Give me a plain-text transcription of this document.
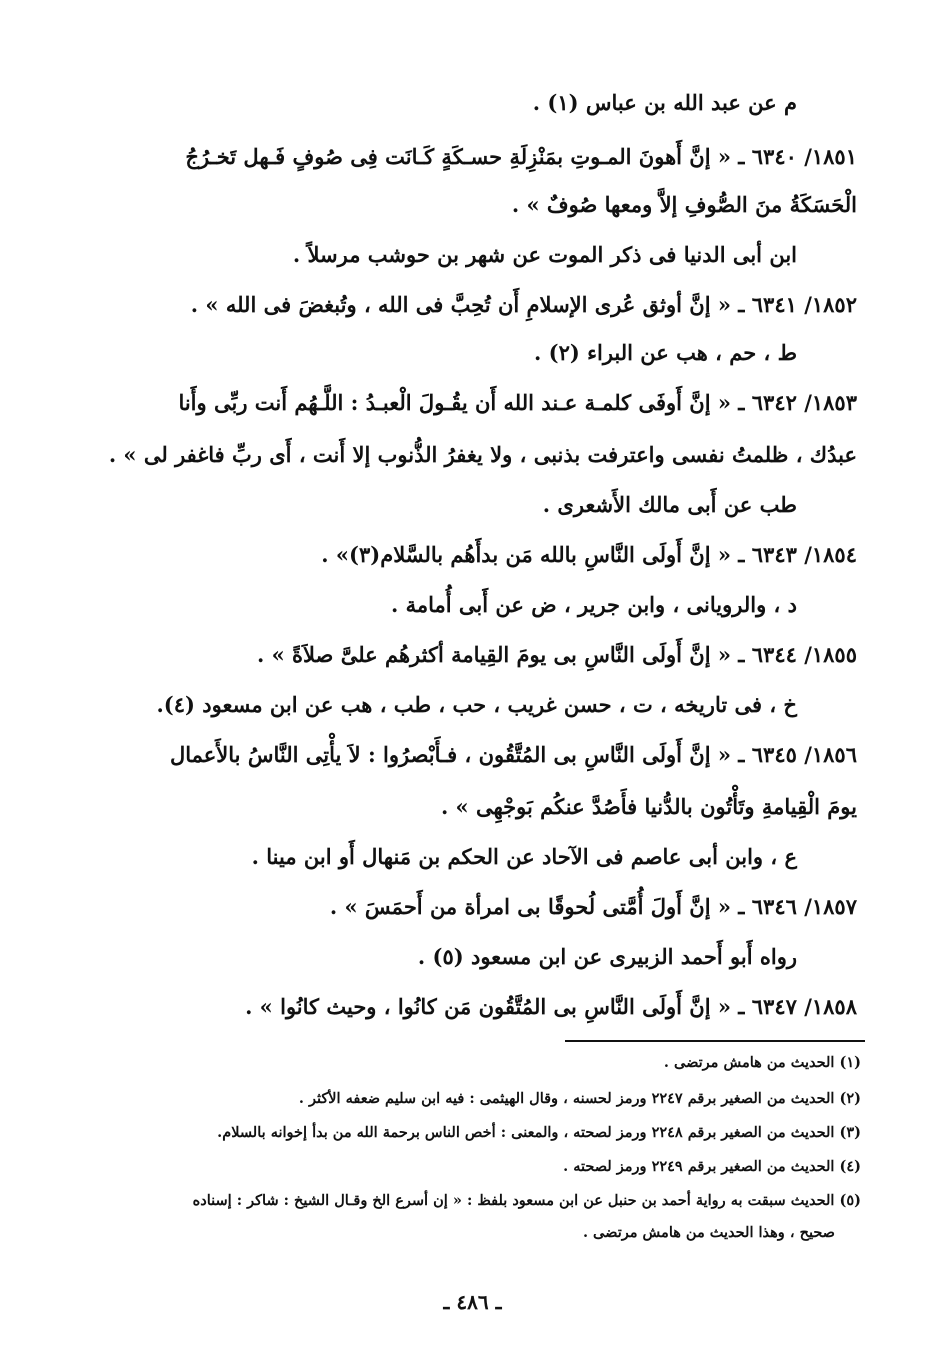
م عن عبد الله بن عباس (١) .
١٨٥١/ ٦٣٤٠ ـ « إنَّ أَهونَ المـوتِ بمَنْزِلَةِ حسـكَةٍ كَـانَت فِى صُوفٍ فَـهل تَخـرُجُ
الْحَسَكَةُ منَ الصُّوفِ إلاَّ ومعها صُوفٌ » .
ابن أبى الدنيا فى ذكر الموت عن شهر بن حوشب مرسلاً .
١٨٥٢/ ٦٣٤١ ـ « إنَّ أوثق عُرى الإسلامِ أَن تُحِبَّ فى الله ، وتُبغضَ فى الله » .
ط ، حم ، هب عن البراء (٢) .
١٨٥٣/ ٦٣٤٢ ـ « إنَّ أَوفَى كلمـة عـند الله أَن يقُـولَ الْعبـدُ : اللَّـهُم أَنت ربِّى وأَنا
عبدُك ، ظلمتُ نفسى واعترفت بذنبى ، ولا يغفرُ الذُّنوب إلا أَنت ، أَى ربِّ فاغفر لى » .
طب عن أَبى مالك الأَشعرى .
١٨٥٤/ ٦٣٤٣ ـ « إنَّ أَولَى النَّاسِ بالله مَن بدأَهُم بالسَّلام(٣)» .
د ، والرويانى ، وابن جرير ، ض عن أَبى أُمامة .
١٨٥٥/ ٦٣٤٤ ـ « إنَّ أَولَى النَّاسِ بى يومَ القِيامة أكثرهُم علىَّ صلاَةً » .
خ ، فى تاريخه ، ت ، حسن غريب ، حب ، طب ، هب عن ابن مسعود (٤).
١٨٥٦/ ٦٣٤٥ ـ « إنَّ أَولَى النَّاسِ بى المُتَّقُون ، فـأَبْصرُوا : لاَ يأْتِى النَّاسُ بالأَعمال
يومَ الْقِيامةِ وتَأْتُون بالدُّنيا فأَصُدَّ عنكُم بَوجْهِى » .
ع ، وابن أبى عاصم فى الآحاد عن الحكم بن مَنهال أَو ابن مينا .
١٨٥٧/ ٦٣٤٦ ـ « إنَّ أَولَ أُمَّتى لُحوقًا بى امرأة من أَحمَسَ » .
رواه أَبو أَحمد الزبيرى عن ابن مسعود (٥) .
١٨٥٨/ ٦٣٤٧ ـ « إنَّ أَولَى النَّاسِ بى المُتَّقُون مَن كانُوا ، وحيث كانُوا » .
(١) الحديث من هامش مرتضى .
(٢) الحديث من الصغير برقم ٢٢٤٧ ورمز لحسنه ، وقال الهيثمى : فيه ابن سليم ضعفه الأكثر .
(٣) الحديث من الصغير برقم ٢٢٤٨ ورمز لصحته ، والمعنى : أخص الناس برحمة الله من بدأ إخوانه بالسلام.
(٤) الحديث من الصغير برقم ٢٢٤٩ ورمز لصحته .
(٥) الحديث سبقت به رواية أحمد بن حنبل عن ابن مسعود بلفظ : « إن أسرع الخ وقـال الشيخ : شاكر : إسناده
صحيح ، وهذا الحديث من هامش مرتضى .
ـ ٤٨٦ ـ
